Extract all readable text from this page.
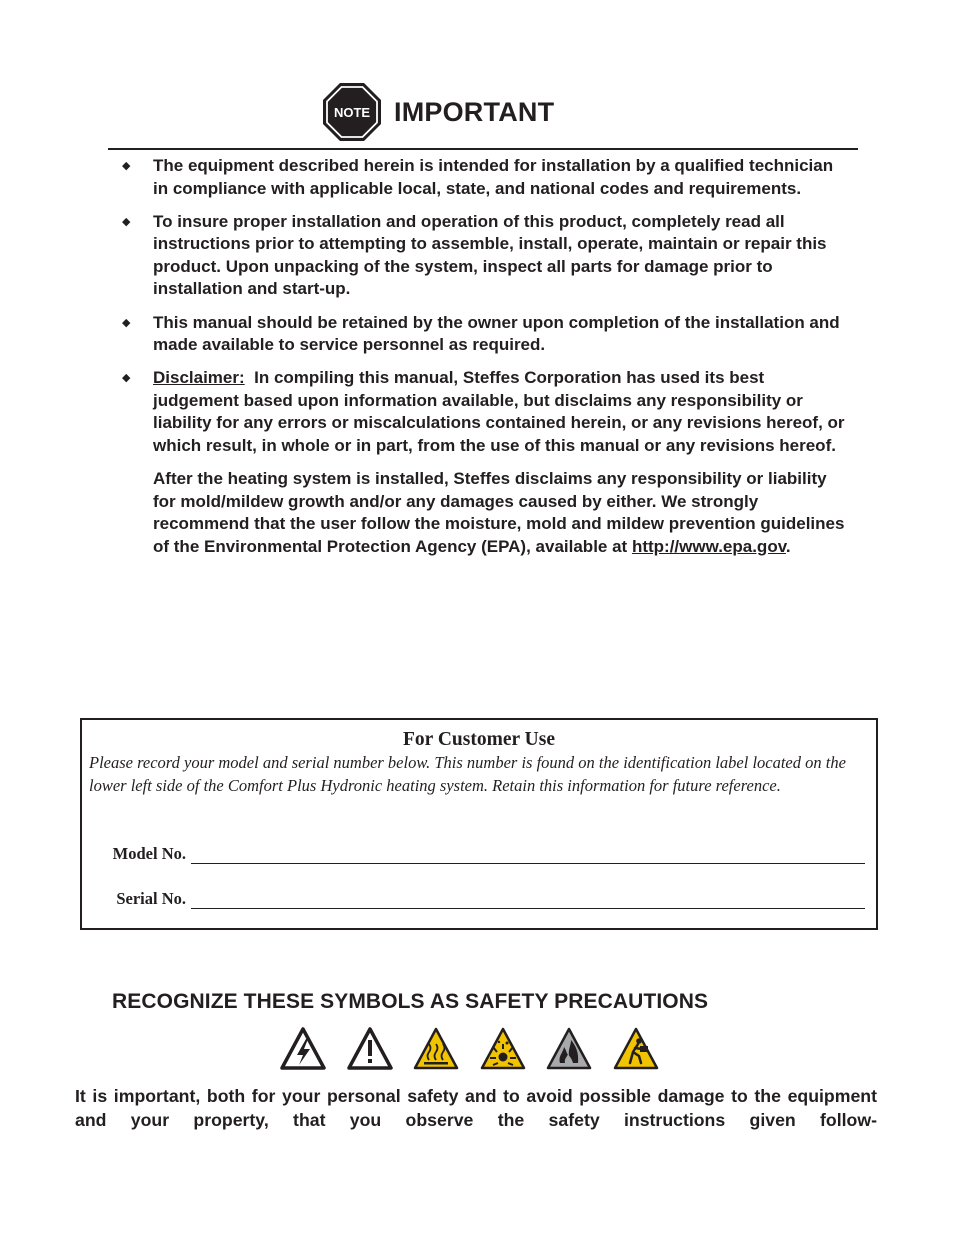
NOTE IMPORTANT
◆ The equipment described herein is intended for installation by a qualified technician in compliance with applicable local, state, and national codes and requirements.

◆ To insure proper installation and operation of this product, completely read all instructions prior to attempting to assemble, install, operate, maintain or repair this product. Upon unpacking of the system, inspect all parts for damage prior to installation and start-up.

◆ This manual should be retained by the owner upon completion of the installation and made available to service personnel as required.

◆ Disclaimer: In compiling this manual, Steffes Corporation has used its best judgement based upon information available, but disclaims any responsibility or liability for any errors or miscalculations contained herein, or any revisions hereof, or which result, in whole or in part, from the use of this manual or any revisions hereof.

After the heating system is installed, Steffes disclaims any responsibility or liability for mold/mildew growth and/or any damages caused by either. We strongly recommend that the user follow the moisture, mold and mildew prevention guidelines of the Environmental Protection Agency (EPA), available at http://www.epa.gov.

For Customer Use
Please record your model and serial number below. This number is found on the identification label located on the lower left side of the Comfort Plus Hydronic heating system. Retain this information for future reference.
Model No.
Serial No.
RECOGNIZE THESE SYMBOLS AS SAFETY PRECAUTIONS
It is important, both for your personal safety and to avoid possible damage to the equipment and your property, that you observe the safety instructions given follow-
